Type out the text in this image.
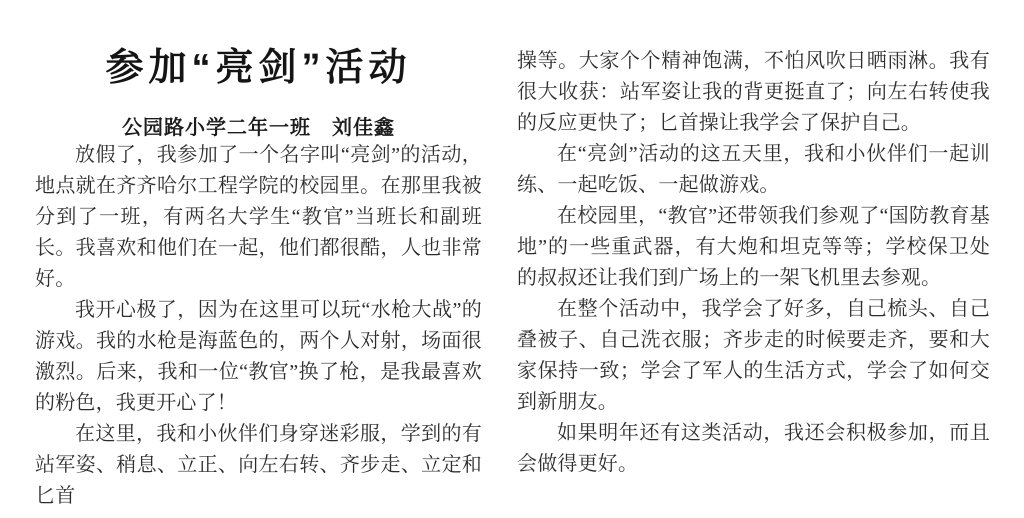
参加“亮剑”活动
公园路小学二年一班　刘佳鑫

放假了，我参加了一个名字叫“亮剑”的活动，地点就在齐齐哈尔工程学院的校园里。在那里我被分到了一班，有两名大学生“教官”当班长和副班长。我喜欢和他们在一起，他们都很酷，人也非常好。

我开心极了，因为在这里可以玩“水枪大战”的游戏。我的水枪是海蓝色的，两个人对射，场面很激烈。后来，我和一位“教官”换了枪，是我最喜欢的粉色，我更开心了！

在这里，我和小伙伴们身穿迷彩服，学到的有站军姿、稍息、立正、向左右转、齐步走、立定和匕首

操等。大家个个精神饱满，不怕风吹日晒雨淋。我有很大收获：站军姿让我的背更挺直了；向左右转使我的反应更快了；匕首操让我学会了保护自己。

在“亮剑”活动的这五天里，我和小伙伴们一起训练、一起吃饭、一起做游戏。

在校园里，“教官”还带领我们参观了“国防教育基地”的一些重武器，有大炮和坦克等等；学校保卫处的叔叔还让我们到广场上的一架飞机里去参观。

在整个活动中，我学会了好多，自己梳头、自己叠被子、自己洗衣服；齐步走的时候要走齐，要和大家保持一致；学会了军人的生活方式，学会了如何交到新朋友。

如果明年还有这类活动，我还会积极参加，而且会做得更好。
